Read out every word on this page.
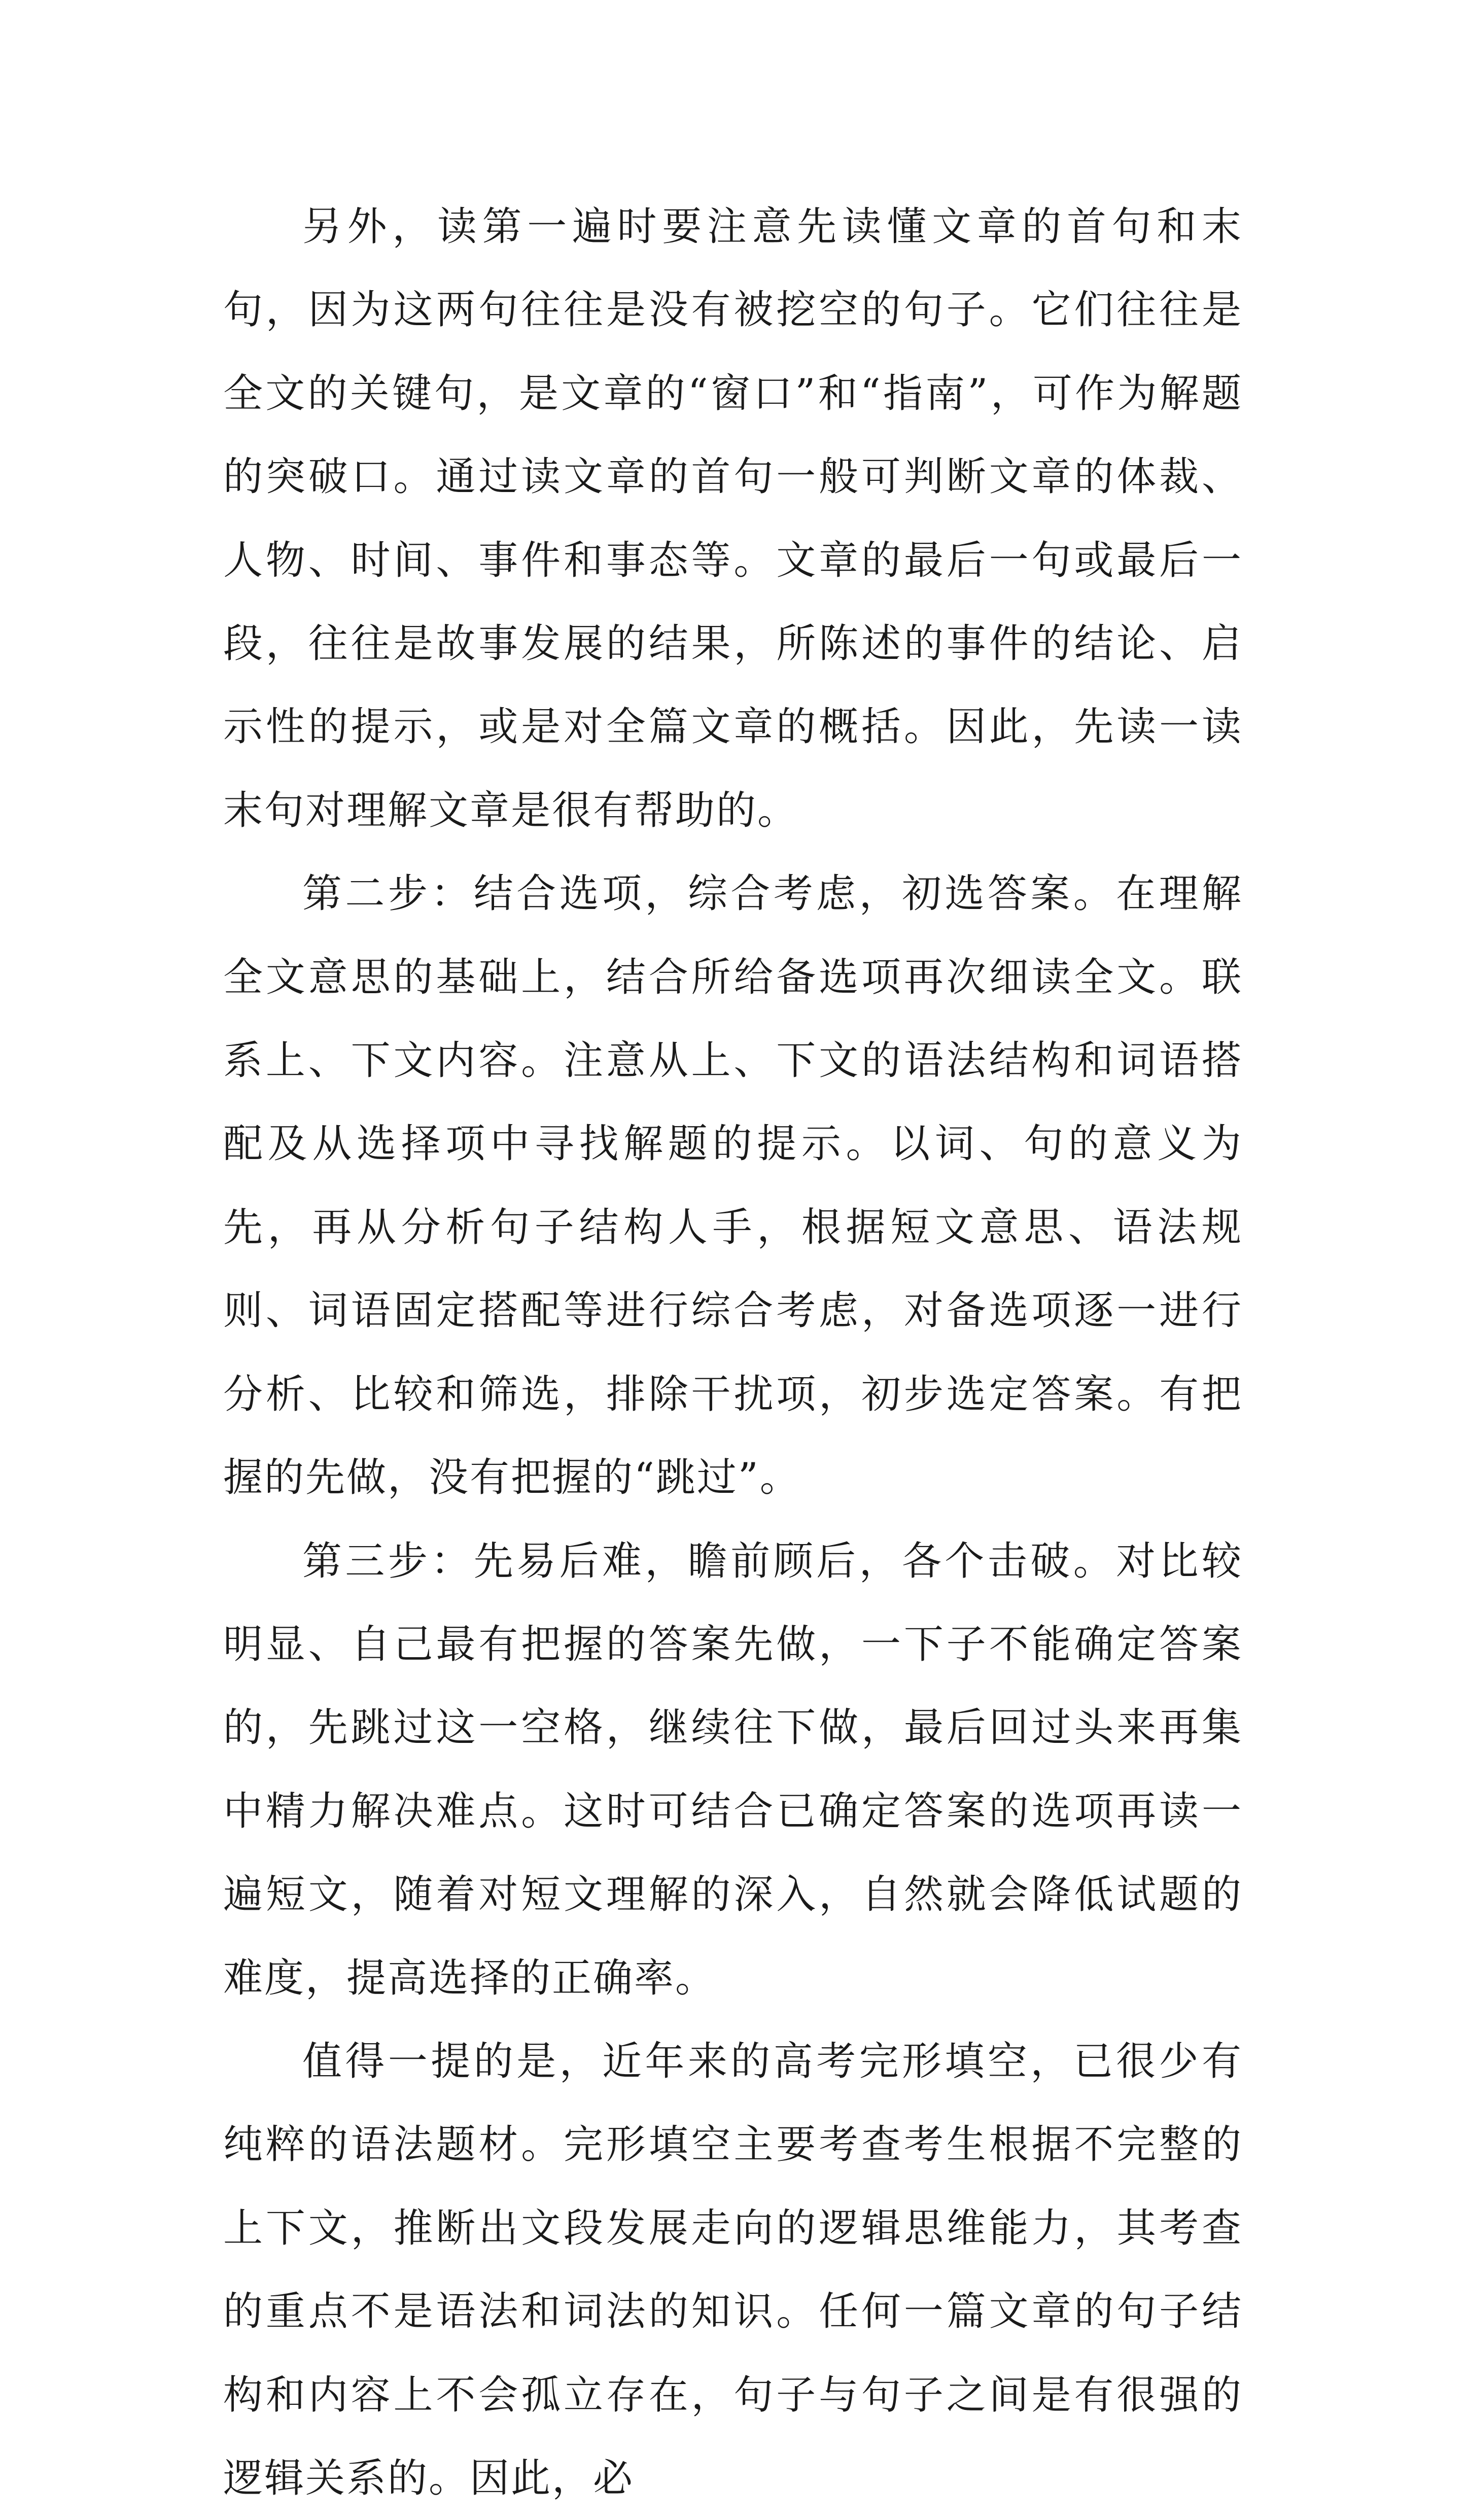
另外，读第一遍时要注意先读懂文章的首句和末句，因为这两句往往是没有被挖空的句子。它们往往是全文的关键句，是文章的“窗口”和“指南”，可作为解题的突破口。通过读文章的首句一般可判断文章的体裁、人物、时间、事件和事态等。文章的最后一句或最后一段，往往是故事发展的结果，所陈述的事件的结论、启示性的提示，或是对全篇文章的概括。因此，先读一读末句对理解文章是很有帮助的。

第二步：结合选项，综合考虑，初选答案。在理解全文意思的基础上，结合所给备选项再次细读全文。联系上、下文内容。注意从上、下文的语法结构和词语搭配及从选择项中寻找解题的提示。以词、句的意义为先，再从分析句子结构人手，根据短文意思、语法规则、词语固定搭配等进行综合考虑，对备选项逐一进行分析、比较和筛选，排除干扰项，初步选定答案。有把握的先做，没有把握的“跳过”。

第三步：先易后难，瞻前顾后，各个击破。对比较明显、自己最有把握的答案先做，一下子不能确定答案的，先跳过这一空格，继续往下做，最后回过头来再集中精力解决难点。这时可结合已确定答案的选项再读一遍短文，随着对短文理解的深入，自然就会降低试题的难度，提高选择的正确率。

值得一提的是，近年来的高考完形填空，已很少有纯粹的语法题材。完形填空主要考查考生根据不完整的上下文，推断出文段发展走向的逻辑思维能力，其考查的重点不是语法和词法的知识。任何一篇文章的句子结构和内容上不会孤立存在，句子与句子之间是有很强的逻辑关系的。因此，必
